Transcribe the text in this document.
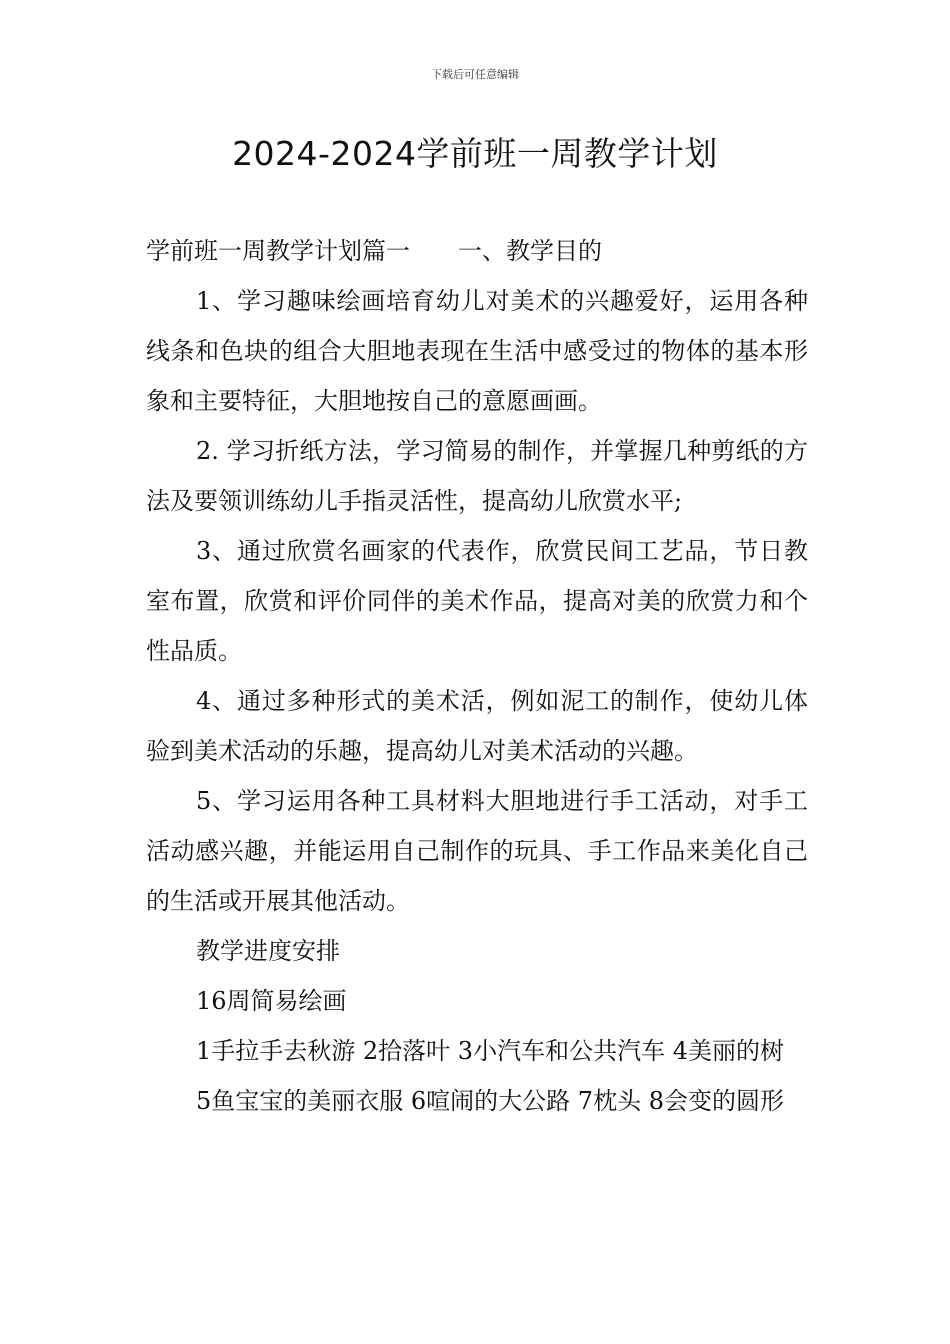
下载后可任意编辑
2024-2024学前班一周教学计划

学前班一周教学计划篇一 一、教学目的

1、学习趣味绘画培育幼儿对美术的兴趣爱好，运用各种线条和色块的组合大胆地表现在生活中感受过的物体的基本形象和主要特征，大胆地按自己的意愿画画。

2. 学习折纸方法，学习简易的制作，并掌握几种剪纸的方法及要领训练幼儿手指灵活性，提高幼儿欣赏水平;

3、通过欣赏名画家的代表作，欣赏民间工艺品，节日教室布置，欣赏和评价同伴的美术作品，提高对美的欣赏力和个性品质。

4、通过多种形式的美术活，例如泥工的制作，使幼儿体验到美术活动的乐趣，提高幼儿对美术活动的兴趣。

5、学习运用各种工具材料大胆地进行手工活动，对手工活动感兴趣，并能运用自己制作的玩具、手工作品来美化自己的生活或开展其他活动。

教学进度安排

16周简易绘画

1手拉手去秋游 2拾落叶 3小汽车和公共汽车 4美丽的树

5鱼宝宝的美丽衣服 6喧闹的大公路 7枕头 8会变的圆形
